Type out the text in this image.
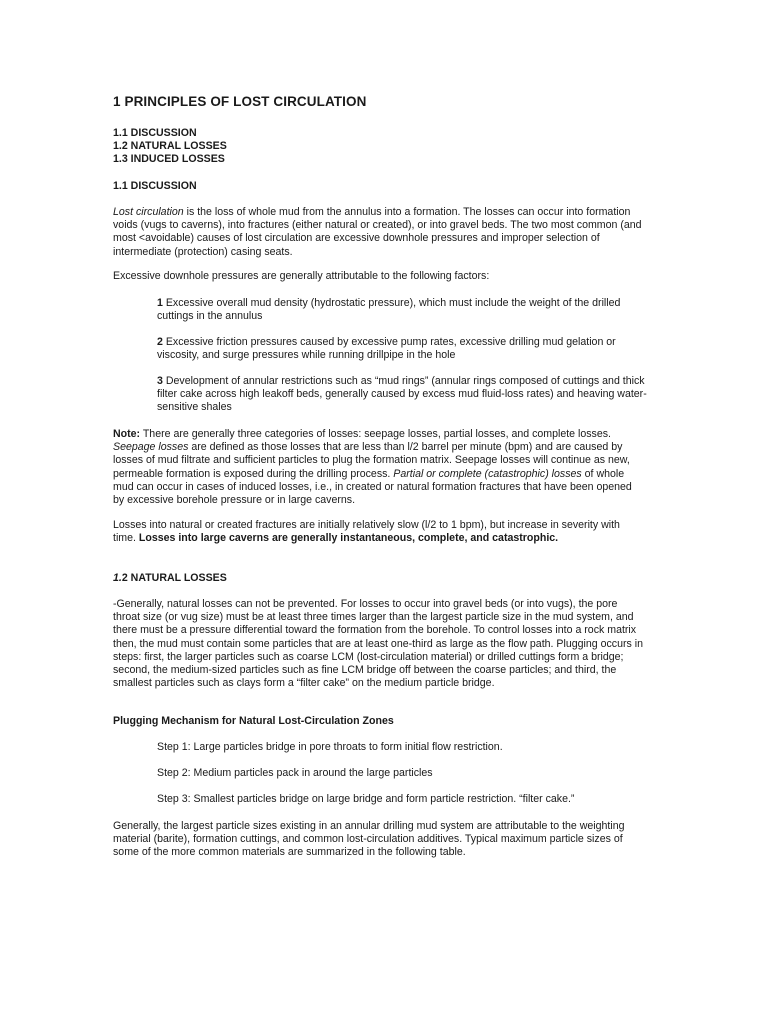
1 PRINCIPLES OF LOST CIRCULATION
1.1 DISCUSSION
1.2 NATURAL LOSSES
1.3 INDUCED LOSSES
1.1 DISCUSSION

Lost circulation is the loss of whole mud from the annulus into a formation. The losses can occur into formation voids (vugs to caverns), into fractures (either natural or created), or into gravel beds. The two most common (and most <avoidable) causes of lost circulation are excessive downhole pressures and improper selection of intermediate (protection) casing seats.

Excessive downhole pressures are generally attributable to the following factors:

1 Excessive overall mud density (hydrostatic pressure), which must include the weight of the drilled cuttings in the annulus

2 Excessive friction pressures caused by excessive pump rates, excessive drilling mud gelation or viscosity, and surge pressures while running drillpipe in the hole

3 Development of annular restrictions such as “mud rings” (annular rings composed of cuttings and thick filter cake across high leakoff beds, generally caused by excess mud fluid-loss rates) and heaving water-sensitive shales

Note: There are generally three categories of losses: seepage losses, partial losses, and complete losses. Seepage losses are defined as those losses that are less than l/2 barrel per minute (bpm) and are caused by losses of mud filtrate and sufficient particles to plug the formation matrix. Seepage losses will continue as new, permeable formation is exposed during the drilling process. Partial or complete (catastrophic) losses of whole mud can occur in cases of induced losses, i.e., in created or natural formation fractures that have been opened by excessive borehole pressure or in large caverns.

Losses into natural or created fractures are initially relatively slow (l/2 to 1 bpm), but increase in severity with time. Losses into large caverns are generally instantaneous, complete, and catastrophic.

1.2 NATURAL LOSSES

-Generally, natural losses can not be prevented. For losses to occur into gravel beds (or into vugs), the pore throat size (or vug size) must be at least three times larger than the largest particle size in the mud system, and there must be a pressure differential toward the formation from the borehole. To control losses into a rock matrix then, the mud must contain some particles that are at least one-third as large as the flow path. Plugging occurs in steps: first, the larger particles such as coarse LCM (lost-circulation material) or drilled cuttings form a bridge; second, the medium-sized particles such as fine LCM bridge off between the coarse particles; and third, the smallest particles such as clays form a “filter cake” on the medium particle bridge.

Plugging Mechanism for Natural Lost-Circulation Zones

Step 1: Large particles bridge in pore throats to form initial flow restriction.

Step 2: Medium particles pack in around the large particles

Step 3: Smallest particles bridge on large bridge and form particle restriction. “filter cake.”

Generally, the largest particle sizes existing in an annular drilling mud system are attributable to the weighting material (barite), formation cuttings, and common lost-circulation additives. Typical maximum particle sizes of some of the more common materials are summarized in the following table.
